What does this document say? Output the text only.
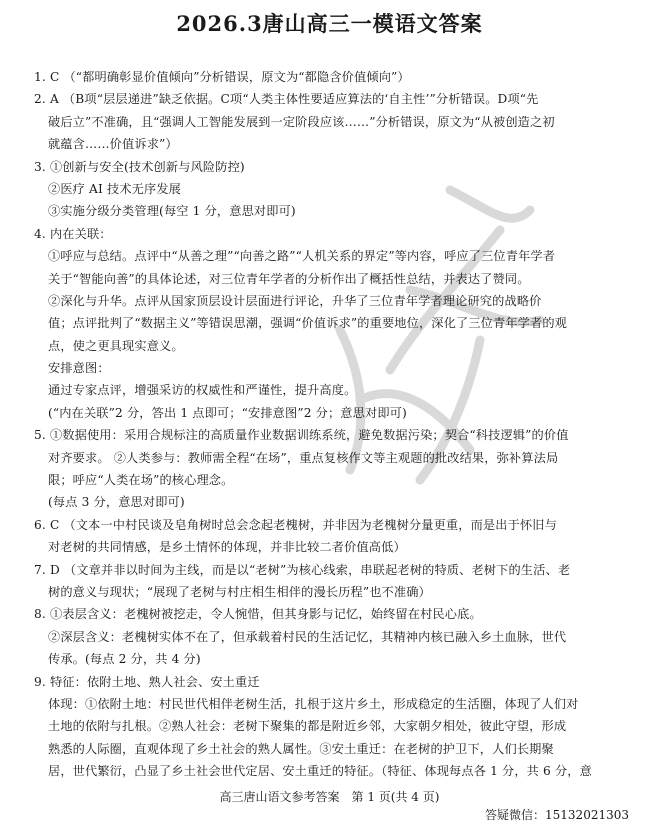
2026.3唐山高三一模语文答案
1. C （“都明确彰显价值倾向”分析错误，原文为“都隐含价值倾向”）
2. A （B项“层层递进”缺乏依据。C项“人类主体性要适应算法的‘自主性’”分析错误。D项“先
破后立”不准确，且“强调人工智能发展到一定阶段应该……”分析错误，原文为“从被创造之初
就蕴含……价值诉求”）
3. ①创新与安全(技术创新与风险防控)
②医疗 AI 技术无序发展
③实施分级分类管理(每空 1 分，意思对即可)
4. 内在关联：
①呼应与总结。点评中“从善之理”“向善之路”“人机关系的界定”等内容，呼应了三位青年学者
关于“智能向善”的具体论述，对三位青年学者的分析作出了概括性总结，并表达了赞同。
②深化与升华。点评从国家顶层设计层面进行评论，升华了三位青年学者理论研究的战略价
值；点评批判了“数据主义”等错误思潮，强调“价值诉求”的重要地位，深化了三位青年学者的观
点，使之更具现实意义。
安排意图：
通过专家点评，增强采访的权威性和严谨性，提升高度。
(“内在关联”2 分，答出 1 点即可；“安排意图”2 分；意思对即可)
5. ①数据使用：采用合规标注的高质量作业数据训练系统，避免数据污染；契合“科技逻辑”的价值
对齐要求。 ②人类参与：教师需全程“在场”，重点复核作文等主观题的批改结果，弥补算法局
限；呼应“人类在场”的核心理念。
(每点 3 分，意思对即可)
6. C （文本一中村民谈及皂角树时总会念起老槐树，并非因为老槐树分量更重，而是出于怀旧与
对老树的共同情感，是乡土情怀的体现，并非比较二者价值高低）
7. D （文章并非以时间为主线，而是以“老树”为核心线索，串联起老树的特质、老树下的生活、老
树的意义与现状；“展现了老树与村庄相生相伴的漫长历程”也不准确）
8. ①表层含义：老槐树被挖走，令人惋惜，但其身影与记忆，始终留在村民心底。
②深层含义：老槐树实体不在了，但承载着村民的生活记忆，其精神内核已融入乡土血脉，世代
传承。(每点 2 分，共 4 分)
9. 特征：依附土地、熟人社会、安土重迁
体现：①依附土地：村民世代相伴老树生活，扎根于这片乡土，形成稳定的生活圈，体现了人们对
土地的依附与扎根。②熟人社会：老树下聚集的都是附近乡邻，大家朝夕相处，彼此守望，形成
熟悉的人际圈，直观体现了乡土社会的熟人属性。③安土重迁：在老树的护卫下，人们长期聚
居，世代繁衍，凸显了乡土社会世代定居、安土重迁的特征。（特征、体现每点各 1 分，共 6 分，意
高三唐山语文参考答案　第 1 页(共 4 页)
答疑微信：15132021303
